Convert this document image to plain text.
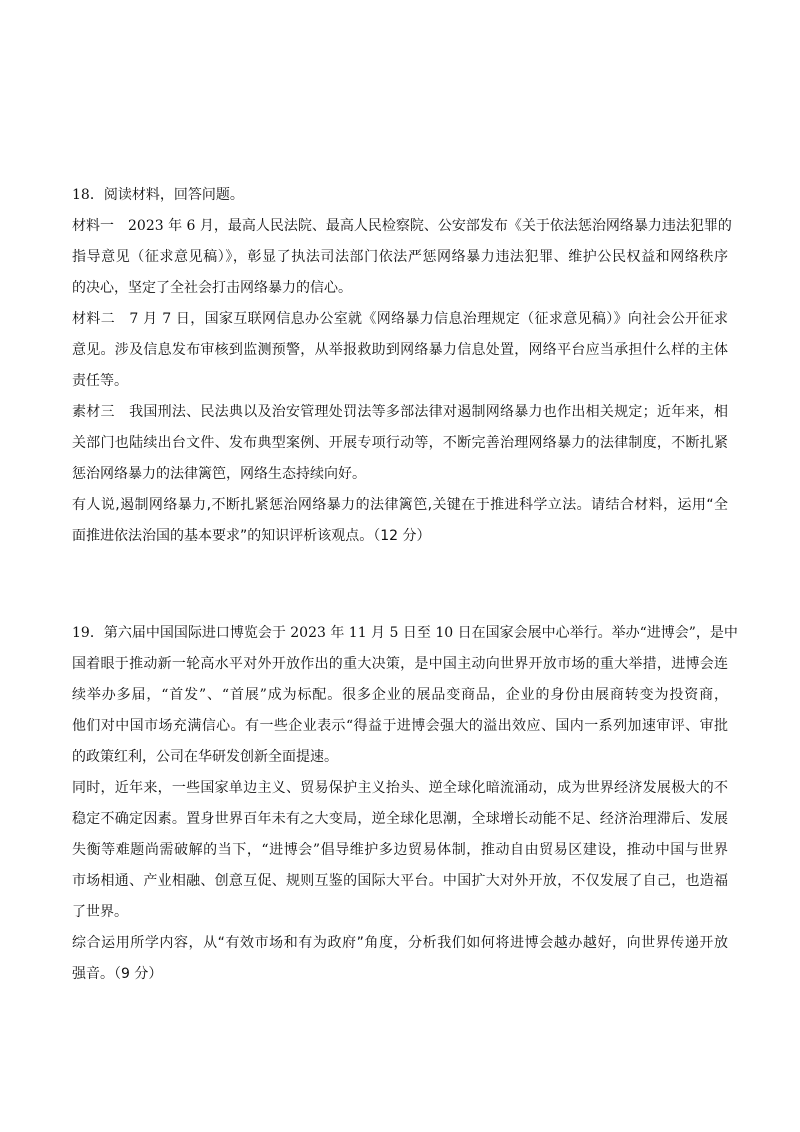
18．阅读材料，回答问题。
材料一　2023 年 6 月，最高人民法院、最高人民检察院、公安部发布《关于依法惩治网络暴力违法犯罪的
指导意见（征求意见稿）》，彰显了执法司法部门依法严惩网络暴力违法犯罪、维护公民权益和网络秩序
的决心，坚定了全社会打击网络暴力的信心。
材料二　7 月 7 日，国家互联网信息办公室就《网络暴力信息治理规定（征求意见稿）》向社会公开征求
意见。涉及信息发布审核到监测预警，从举报救助到网络暴力信息处置，网络平台应当承担什么样的主体
责任等。
素材三　我国刑法、民法典以及治安管理处罚法等多部法律对遏制网络暴力也作出相关规定；近年来，相
关部门也陆续出台文件、发布典型案例、开展专项行动等，不断完善治理网络暴力的法律制度，不断扎紧
惩治网络暴力的法律篱笆，网络生态持续向好。
有人说,遏制网络暴力,不断扎紧惩治网络暴力的法律篱笆,关键在于推进科学立法。请结合材料，运用“全
面推进依法治国的基本要求”的知识评析该观点。（12 分）
19．第六届中国国际进口博览会于 2023 年 11 月 5 日至 10 日在国家会展中心举行。举办“进博会”，是中
国着眼于推动新一轮高水平对外开放作出的重大决策，是中国主动向世界开放市场的重大举措，进博会连
续举办多届，“首发”、“首展”成为标配。很多企业的展品变商品，企业的身份由展商转变为投资商，
他们对中国市场充满信心。有一些企业表示“得益于进博会强大的溢出效应、国内一系列加速审评、审批
的政策红利，公司在华研发创新全面提速。
同时，近年来，一些国家单边主义、贸易保护主义抬头、逆全球化暗流涌动，成为世界经济发展极大的不
稳定不确定因素。置身世界百年未有之大变局，逆全球化思潮，全球增长动能不足、经济治理滞后、发展
失衡等难题尚需破解的当下，“进博会”倡导维护多边贸易体制，推动自由贸易区建设，推动中国与世界
市场相通、产业相融、创意互促、规则互鉴的国际大平台。中国扩大对外开放，不仅发展了自己，也造福
了世界。
综合运用所学内容，从“有效市场和有为政府”角度，分析我们如何将进博会越办越好，向世界传递开放
强音。（9 分）
